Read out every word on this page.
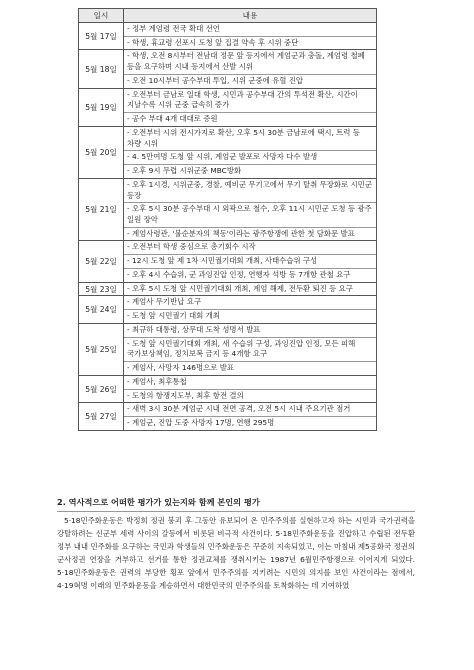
일시	내용
5월 17일	- 정부 계엄령 전국 확대 선언
- 학생, 휴교령 선포시 도청 앞 집결 약속 후 시위 중단

5월 18일	- 학생, 오전 8시부터 전남대 정문 앞 등지에서 계엄군과 충돌, 계엄령 철폐 등을 요구하며 시내 등지에서 산발 시위
- 오전 10시부터 공수부대 투입, 시위 군중에 유혈 진압

5월 19일	- 오전부터 금남로 일대 학생, 시민과 공수부대 간의 투석전 확산, 시간이 지날수록 시위 군중 급속히 증가
- 공수 부대 4개 대대로 증원

5월 20일	- 오전부터 시위 전시가지로 확산, 오후 5시 30분 금남로에 택시, 트럭 등 차량 시위
- 4. 5만여명 도청 앞 시위, 계엄군 발포로 사망자 다수 발생
- 오후 9시 무렵 시위군중 MBC방화

5월 21일	- 오후 1시경, 시위군중, 경찰, 예비군 무기고에서 무기 탈취 무장화로 시민군 등장
- 오후 5시 30분 공수부대 시 외곽으로 철수, 오후 11시 시민군 도청 등 광주 일원 장악
- 계엄사령관, '불순분자의 책동'이라는 광주항쟁에 관한 첫 담화문 발표

5월 22일	- 오전부터 학생 중심으로 총기회수 시작
- 12시 도청 앞 제 1차 시민궐기대회 개최, 사태수습위 구성
- 오후 4시 수습위, 군 과잉진압 인정, 연행자 석방 등 7개항 관철 요구

5월 23일	- 오후 5시 도청 앞 시민궐기대회 개최, 계엄 해제, 전두환 퇴진 등 요구

5월 24일	- 계엄사 무기반납 요구
- 도청 앞 시민궐기 대회 개최

5월 25일	- 최규하 대통령, 상무대 도착 성명서 발표
- 도청 앞 시민궐기대회 개최, 새 수습위 구성, 과잉진압 인정, 모든 피해 국가보상책임, 정치보복 금지 등 4개항 요구
- 계엄사, 사망자 146명으로 발표

5월 26일	- 계엄사, 최후통첩
- 도청의 항쟁지도부, 최후 항전 결의

5월 27일	- 새벽 3시 30분 계엄군 시내 전면 공격, 오전 5시 시내 주요기관 점거
- 계엄군, 진압 도중 사망자 17명, 연행 295명
2. 역사적으로 어떠한 평가가 있는지와 함께 본인의 평가

5·18민주화운동은 박정희 정권 붕괴 후 그동안 유보되어 온 민주주의를 실현하고자 하는 시민과 국가권력을 강탈하려는 신군부 세력 사이의 갈등에서 비롯된 비극적 사건이다. 5·18민주화운동을 진압하고 수립된 전두환 정부 내내 민주화를 요구하는 국민과 학생들의 민주화운동은 꾸준히 지속되었고, 이는 마침내 제5공화국 정권의 군사정권 연장을 거부하고 선거를 통한 정권교체를 쟁취시키는 1987년 6월민주항쟁으로 이어지게 되었다. 5·18민주화운동은 권력의 부당한 횡포 앞에서 민주주의를 지키려는 시민의 의지를 보인 사건이라는 점에서, 4·19혁명 이래의 민주화운동을 계승하면서 대한민국의 민주주의를 토착화하는 데 기여하였
